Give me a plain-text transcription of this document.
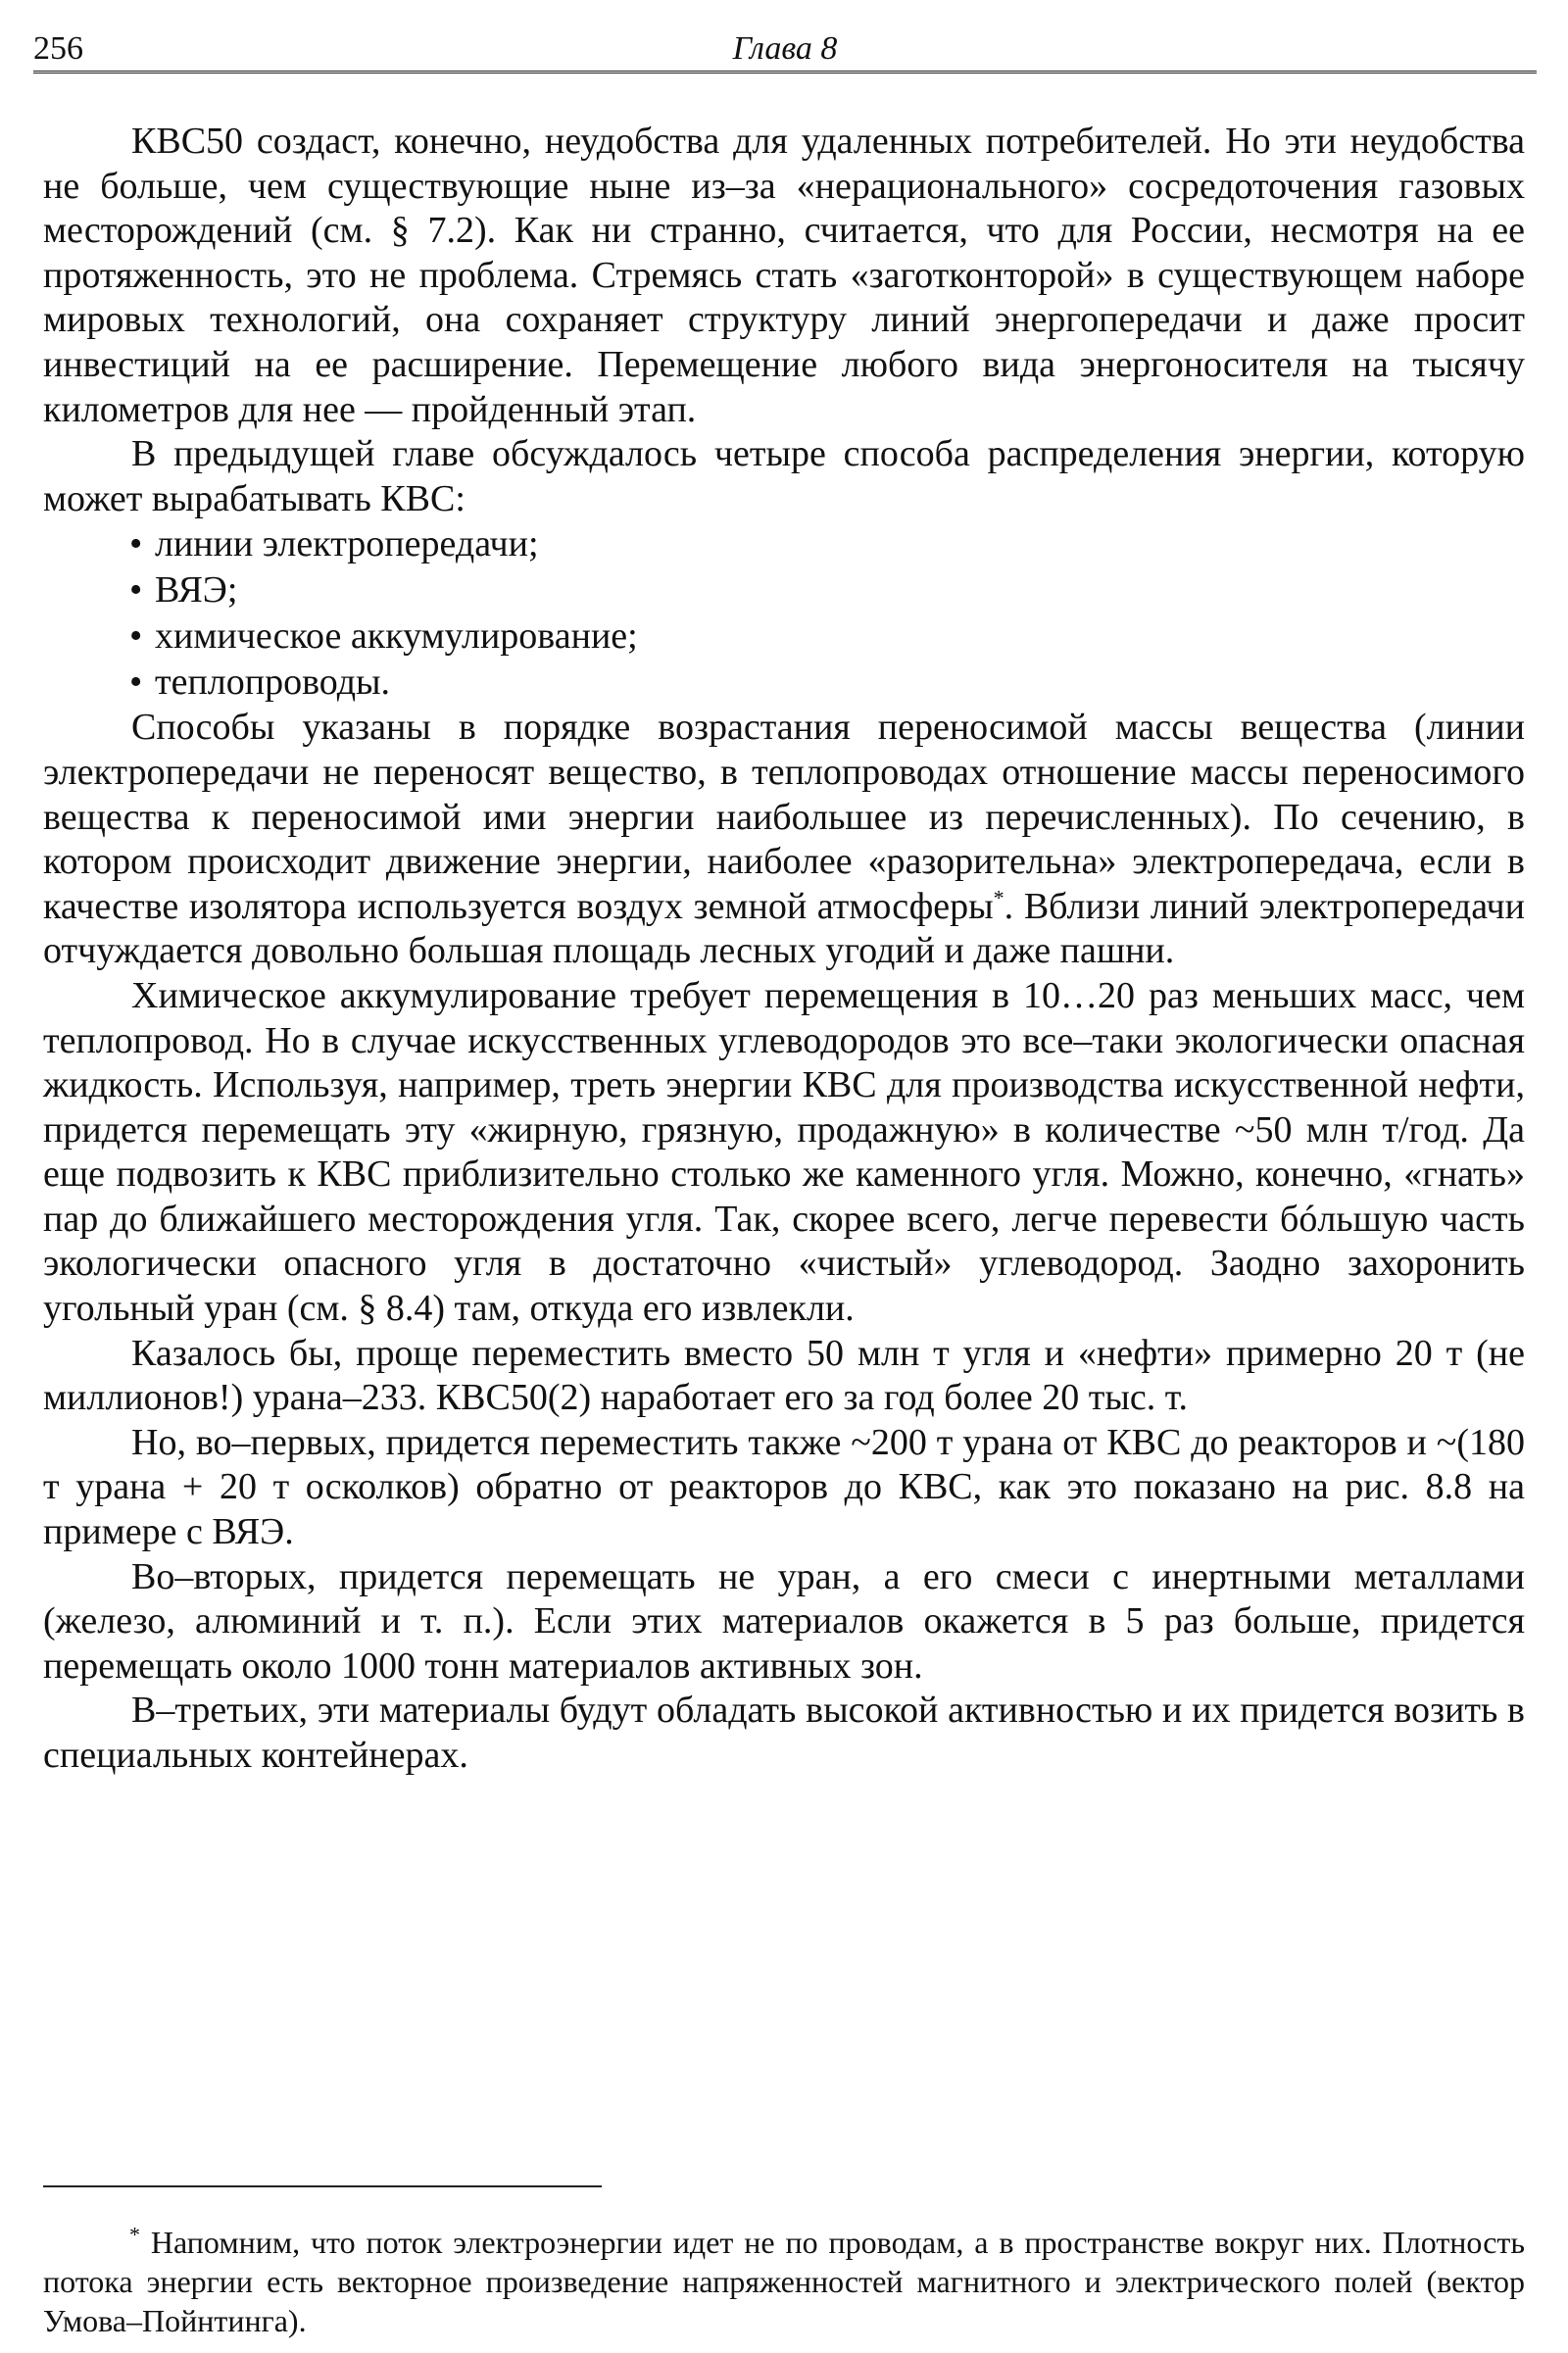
256	Глава 8

КВС50 создаст, конечно, неудобства для удаленных потребителей. Но эти неудобства не больше, чем существующие ныне из–за «нерационального» сосредоточения газовых месторождений (см. § 7.2). Как ни странно, считается, что для России, несмотря на ее протяженность, это не проблема. Стремясь стать «заготконторой» в существующем наборе мировых технологий, она сохраняет структуру линий энергопередачи и даже просит инвестиций на ее расширение. Перемещение любого вида энергоносителя на тысячу километров для нее — пройденный этап.

В предыдущей главе обсуждалось четыре способа распределения энергии, которую может вырабатывать КВС:

• линии электропередачи;
• ВЯЭ;
• химическое аккумулирование;
• теплопроводы.

Способы указаны в порядке возрастания переносимой массы вещества (линии электропередачи не переносят вещество, в теплопроводах отношение массы переносимого вещества к переносимой ими энергии наибольшее из перечисленных). По сечению, в котором происходит движение энергии, наиболее «разорительна» электропередача, если в качестве изолятора используется воздух земной атмосферы*. Вблизи линий электропередачи отчуждается довольно большая площадь лесных угодий и даже пашни.

Химическое аккумулирование требует перемещения в 10…20 раз меньших масс, чем теплопровод. Но в случае искусственных углеводородов это все–таки экологически опасная жидкость. Используя, например, треть энергии КВС для производства искусственной нефти, придется перемещать эту «жирную, грязную, продажную» в количестве ~50 млн т/год. Да еще подвозить к КВС приблизительно столько же каменного угля. Можно, конечно, «гнать» пар до ближайшего месторождения угля. Так, скорее всего, легче перевести бóльшую часть экологически опасного угля в достаточно «чистый» углеводород. Заодно захоронить угольный уран (см. § 8.4) там, откуда его извлекли.

Казалось бы, проще переместить вместо 50 млн т угля и «нефти» примерно 20 т (не миллионов!) урана–233. КВС50(2) наработает его за год более 20 тыс. т.

Но, во–первых, придется переместить также ~200 т урана от КВС до реакторов и ~(180 т урана + 20 т осколков) обратно от реакторов до КВС, как это показано на рис. 8.8 на примере с ВЯЭ.

Во–вторых, придется перемещать не уран, а его смеси с инертными металлами (железо, алюминий и т. п.). Если этих материалов окажется в 5 раз больше, придется перемещать около 1000 тонн материалов активных зон.

В–третьих, эти материалы будут обладать высокой активностью и их придется возить в специальных контейнерах.

* Напомним, что поток электроэнергии идет не по проводам, а в пространстве вокруг них. Плотность потока энергии есть векторное произведение напряженностей магнитного и электрического полей (вектор Умова–Пойнтинга).
